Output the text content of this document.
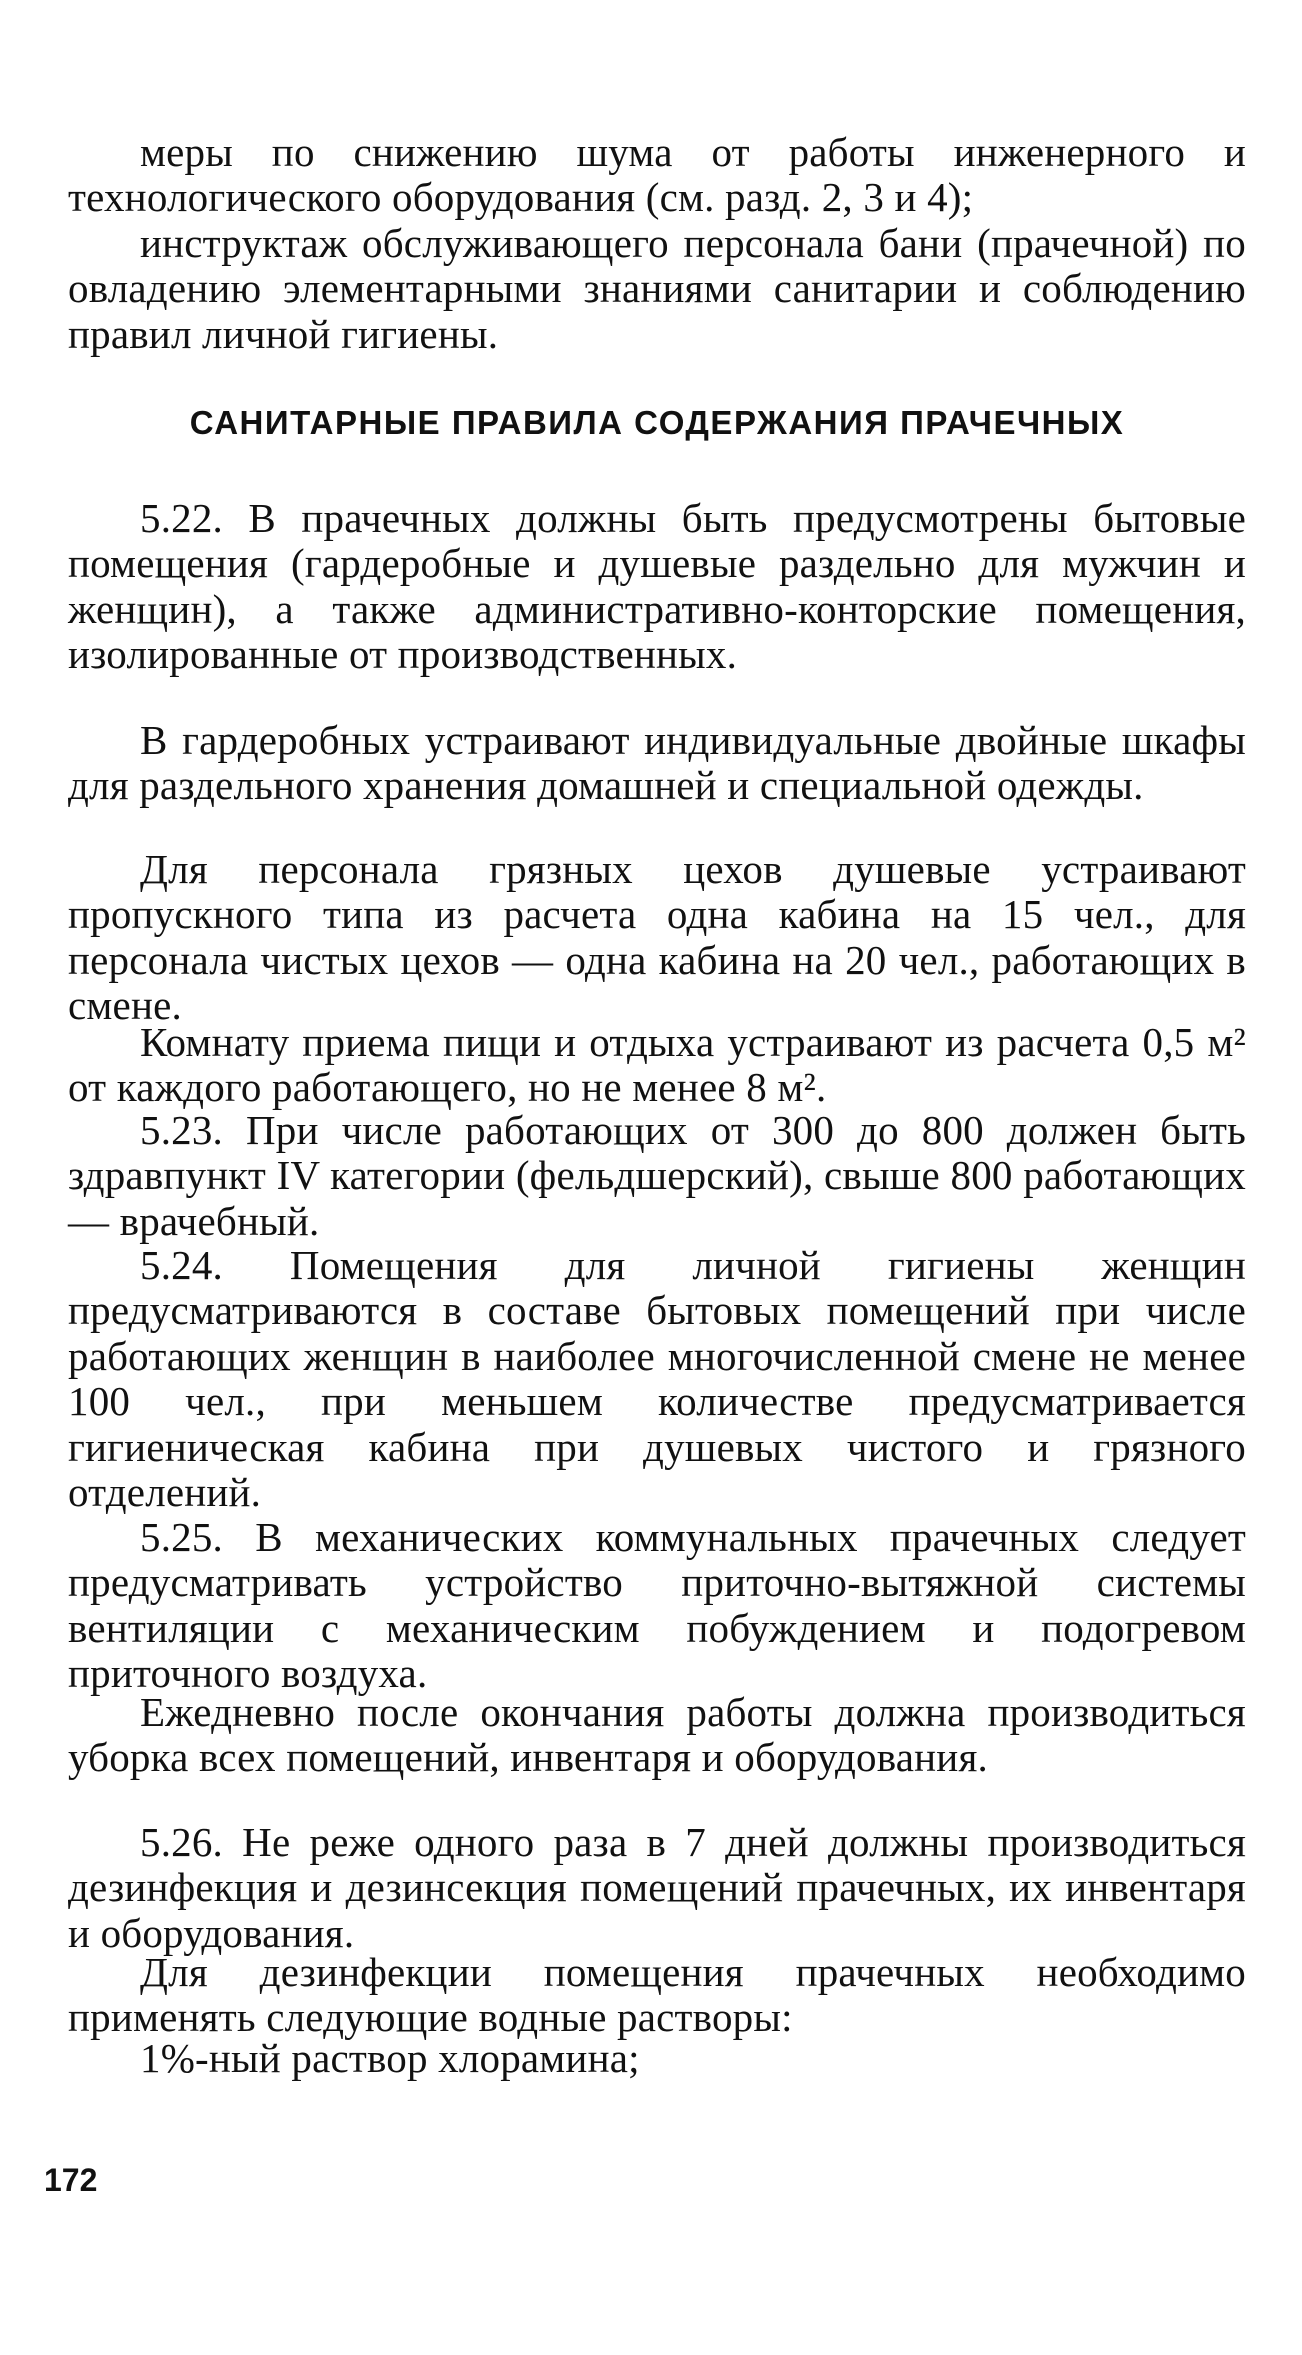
меры по снижению шума от работы инженерного и технологического оборудования (см. разд. 2, 3 и 4);

инструктаж обслуживающего персонала бани (прачечной) по овладению элементарными знаниями санитарии и соблюдению правил личной гигиены.

САНИТАРНЫЕ ПРАВИЛА СОДЕРЖАНИЯ ПРАЧЕЧНЫХ

5.22. В прачечных должны быть предусмотрены бытовые помещения (гардеробные и душевые раздельно для мужчин и женщин), а также административно-конторские помещения, изолированные от производственных.

В гардеробных устраивают индивидуальные двойные шкафы для раздельного хранения домашней и специальной одежды.

Для персонала грязных цехов душевые устраивают пропускного типа из расчета одна кабина на 15 чел., для персонала чистых цехов — одна кабина на 20 чел., работающих в смене.

Комнату приема пищи и отдыха устраивают из расчета 0,5 м² от каждого работающего, но не менее 8 м².

5.23. При числе работающих от 300 до 800 должен быть здравпункт IV категории (фельдшерский), свыше 800 работающих — врачебный.

5.24. Помещения для личной гигиены женщин предусматриваются в составе бытовых помещений при числе работающих женщин в наиболее многочисленной смене не менее 100 чел., при меньшем количестве предусматривается гигиеническая кабина при душевых чистого и грязного отделений.

5.25. В механических коммунальных прачечных следует предусматривать устройство приточно-вытяжной системы вентиляции с механическим побуждением и подогревом приточного воздуха.

Ежедневно после окончания работы должна производиться уборка всех помещений, инвентаря и оборудования.

5.26. Не реже одного раза в 7 дней должны производиться дезинфекция и дезинсекция помещений прачечных, их инвентаря и оборудования.

Для дезинфекции помещения прачечных необходимо применять следующие водные растворы:

1%-ный раствор хлорамина;

172
